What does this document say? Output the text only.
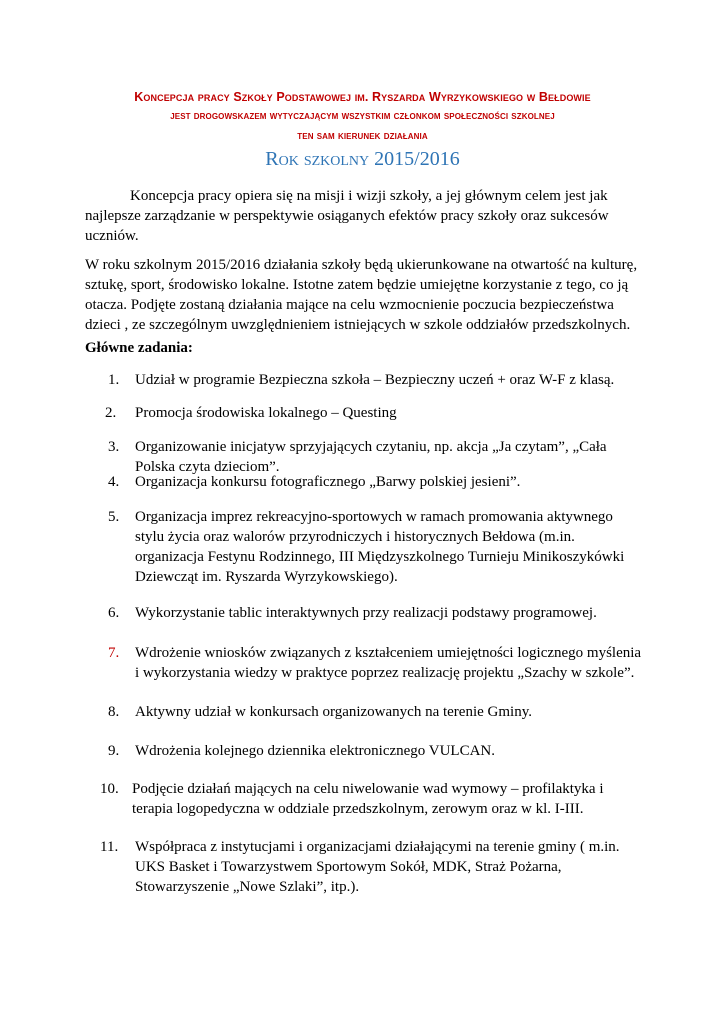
Koncepcja pracy Szkoły Podstawowej im. Ryszarda Wyrzykowskiego w Bełdowie
jest drogowskazem wytyczającym wszystkim członkom społeczności szkolnej
ten sam kierunek działania
Rok szkolny 2015/2016

Koncepcja pracy opiera się na misji i wizji szkoły, a jej głównym celem jest jak najlepsze zarządzanie w perspektywie osiąganych efektów pracy szkoły oraz sukcesów uczniów.

W roku szkolnym 2015/2016 działania szkoły będą ukierunkowane na otwartość na kulturę, sztukę, sport, środowisko lokalne. Istotne zatem będzie umiejętne korzystanie z tego, co ją otacza. Podjęte zostaną działania mające na celu wzmocnienie poczucia bezpieczeństwa dzieci , ze szczególnym uwzględnieniem istniejących w szkole oddziałów przedszkolnych.

Główne zadania:
1.	Udział w programie Bezpieczna szkoła – Bezpieczny uczeń + oraz W-F z klasą.
2.	Promocja środowiska lokalnego – Questing
3.	Organizowanie inicjatyw sprzyjających czytaniu, np. akcja „Ja czytam”, „Cała Polska czyta dzieciom”.
4.	Organizacja konkursu fotograficznego „Barwy polskiej jesieni”.
5.	Organizacja imprez rekreacyjno-sportowych w ramach promowania aktywnego stylu życia oraz walorów przyrodniczych i historycznych Bełdowa (m.in. organizacja Festynu Rodzinnego, III Międzyszkolnego Turnieju Minikoszykówki Dziewcząt im. Ryszarda Wyrzykowskiego).
6.	Wykorzystanie tablic interaktywnych przy realizacji podstawy programowej.
7.	Wdrożenie wniosków związanych z kształceniem umiejętności logicznego myślenia i wykorzystania wiedzy w praktyce poprzez realizację projektu „Szachy w szkole”.
8.	Aktywny udział w konkursach organizowanych na terenie Gminy.
9.	Wdrożenia kolejnego dziennika elektronicznego VULCAN.
10. Podjęcie działań mających na celu niwelowanie wad wymowy – profilaktyka i terapia logopedyczna w oddziale przedszkolnym, zerowym oraz w kl. I-III.
11.	Współpraca z instytucjami i organizacjami działającymi na terenie gminy ( m.in. UKS Basket i Towarzystwem Sportowym Sokół, MDK, Straż Pożarna, Stowarzyszenie „Nowe Szlaki”, itp.).
